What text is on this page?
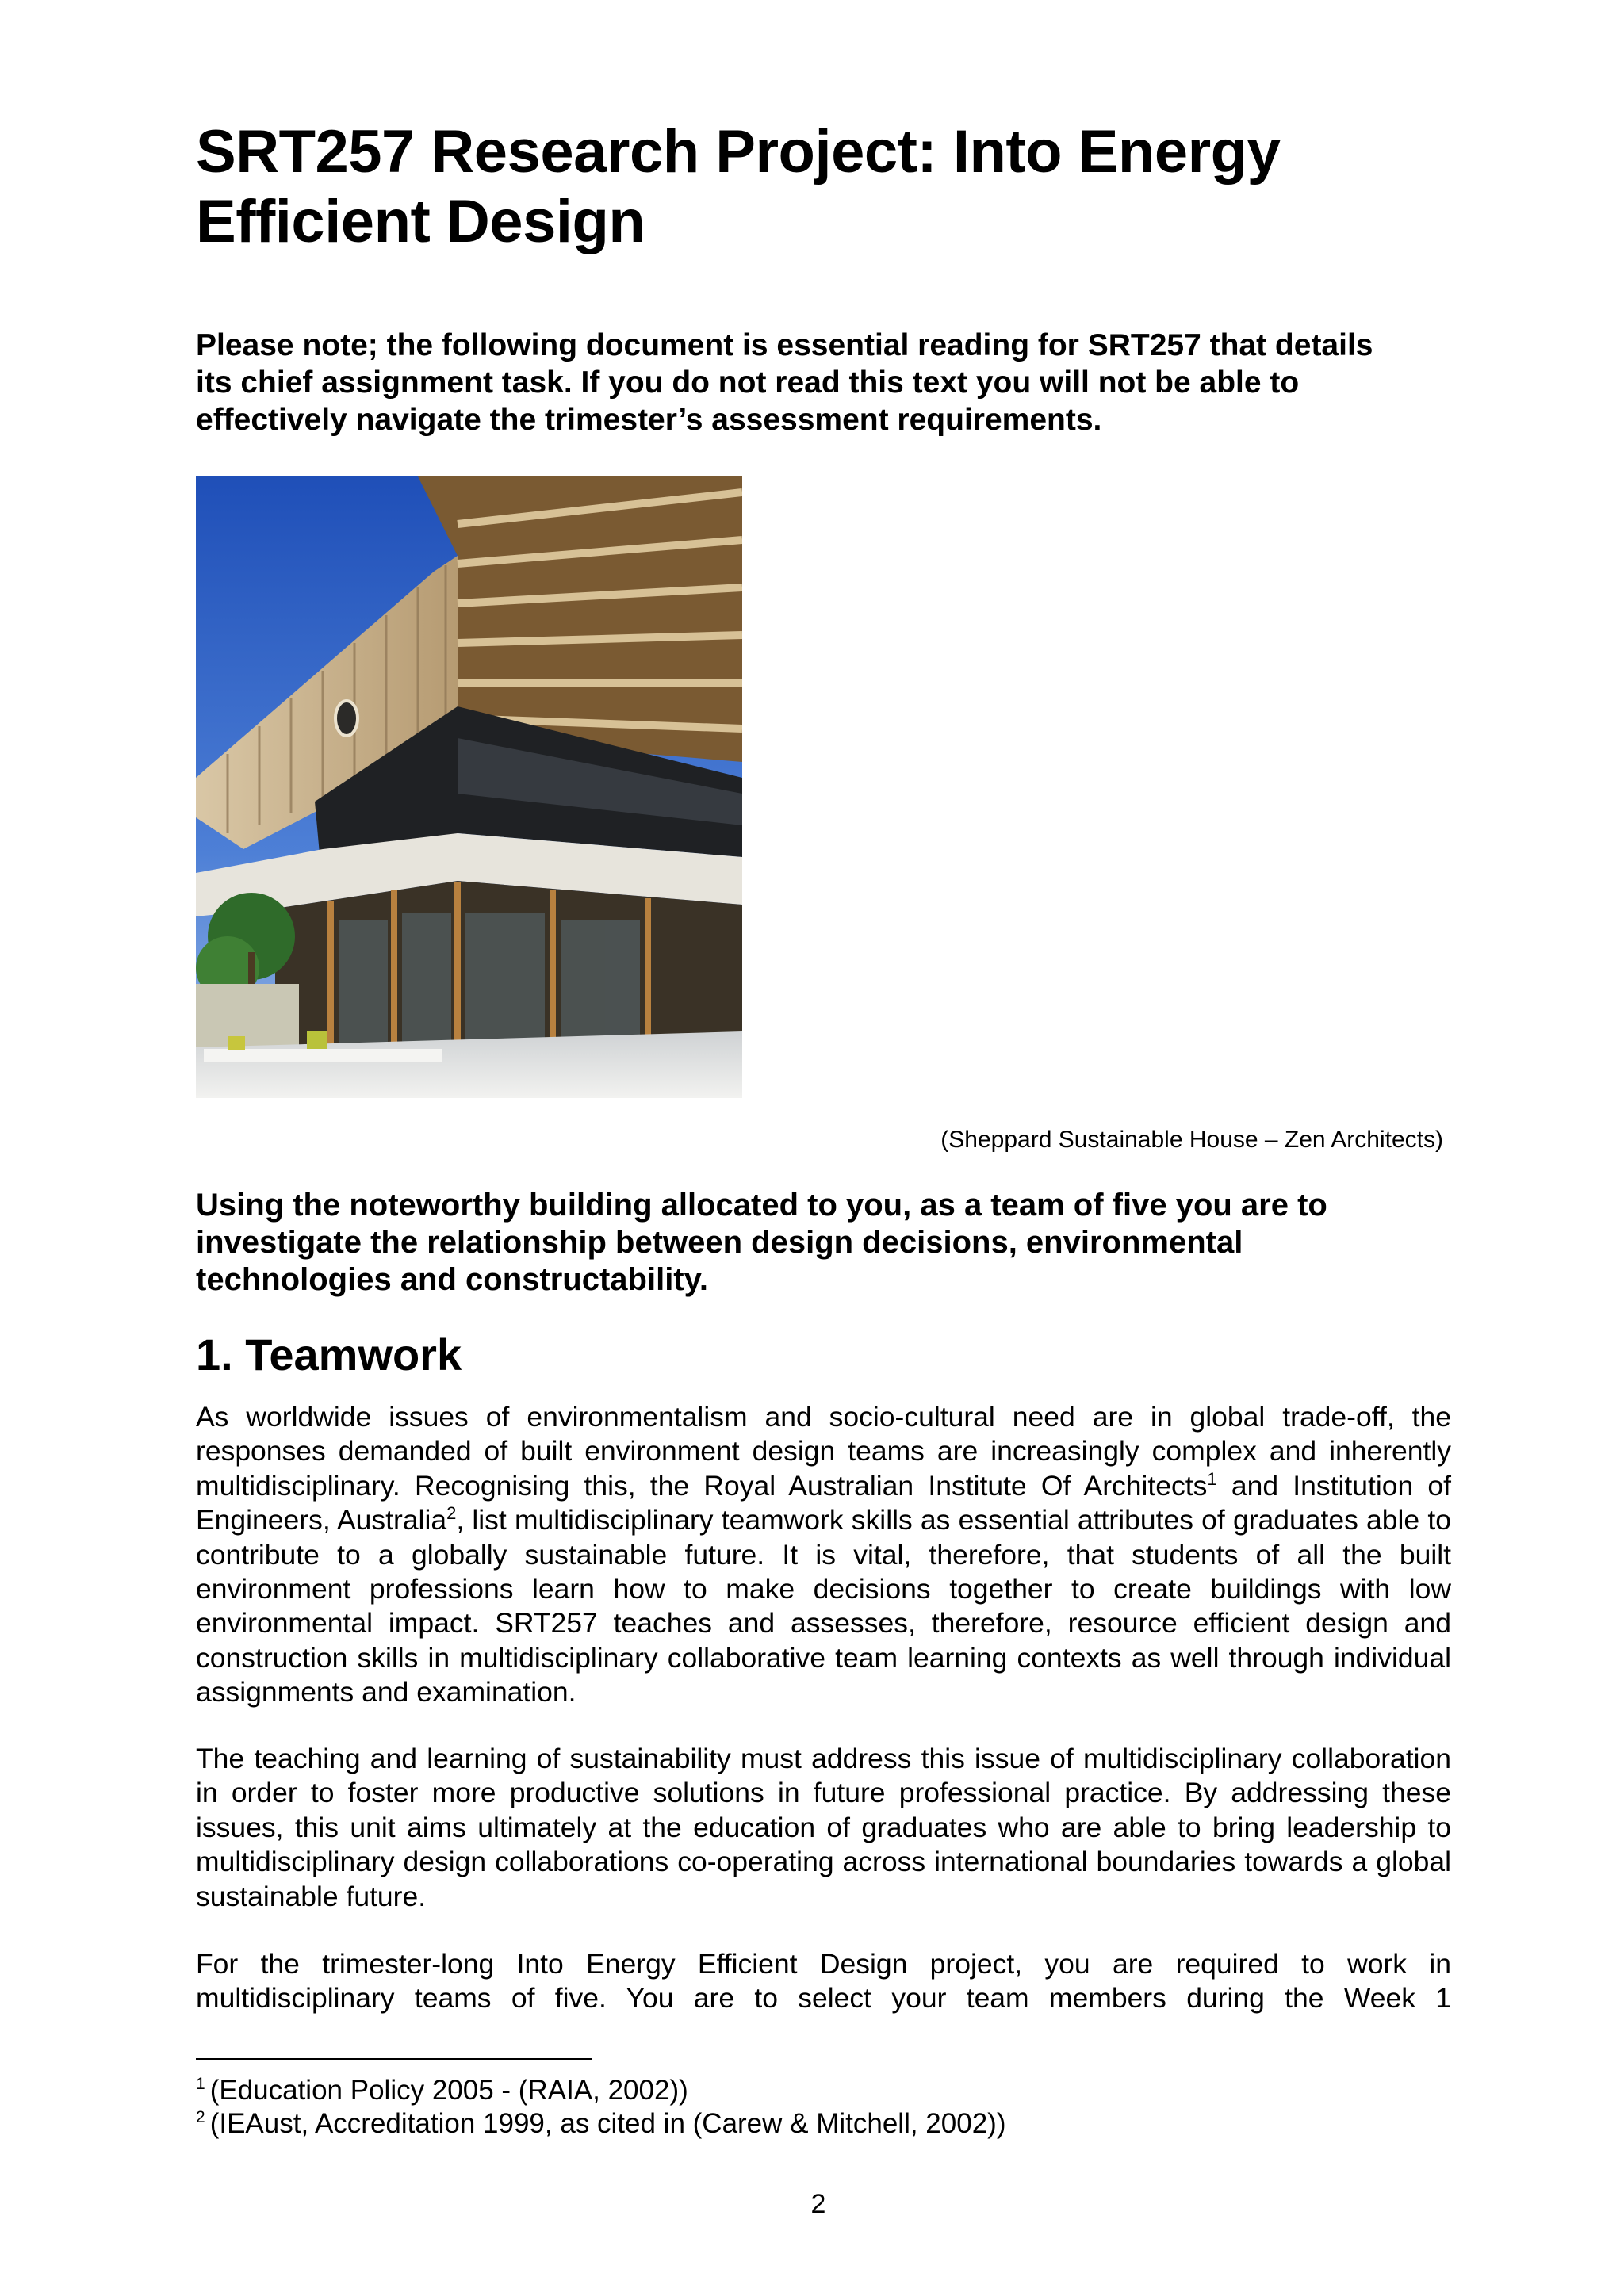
SRT257 Research Project: Into Energy Efficient Design

Please note; the following document is essential reading for SRT257 that details its chief assignment task. If you do not read this text you will not be able to effectively navigate the trimester’s assessment requirements.

(Sheppard Sustainable House – Zen Architects)

Using the noteworthy building allocated to you, as a team of five you are to investigate the relationship between design decisions, environmental technologies and constructability.

1. Teamwork

As worldwide issues of environmentalism and socio-cultural need are in global trade-off, the responses demanded of built environment design teams are increasingly complex and inherently multidisciplinary. Recognising this, the Royal Australian Institute Of Architects$^1$ and Institution of Engineers, Australia$^2$, list multidisciplinary teamwork skills as essential attributes of graduates able to contribute to a globally sustainable future. It is vital, therefore, that students of all the built environment professions learn how to make decisions together to create buildings with low environmental impact. SRT257 teaches and assesses, therefore, resource efficient design and construction skills in multidisciplinary collaborative team learning contexts as well through individual assignments and examination.

The teaching and learning of sustainability must address this issue of multidisciplinary collaboration in order to foster more productive solutions in future professional practice. By addressing these issues, this unit aims ultimately at the education of graduates who are able to bring leadership to multidisciplinary design collaborations co-operating across international boundaries towards a global sustainable future.

For the trimester-long Into Energy Efficient Design project, you are required to work in multidisciplinary teams of five. You are to select your team members during the Week 1

$^1$ (Education Policy 2005 - (RAIA, 2002))

$^2$ (IEAust, Accreditation 1999, as cited in (Carew & Mitchell, 2002))

2
